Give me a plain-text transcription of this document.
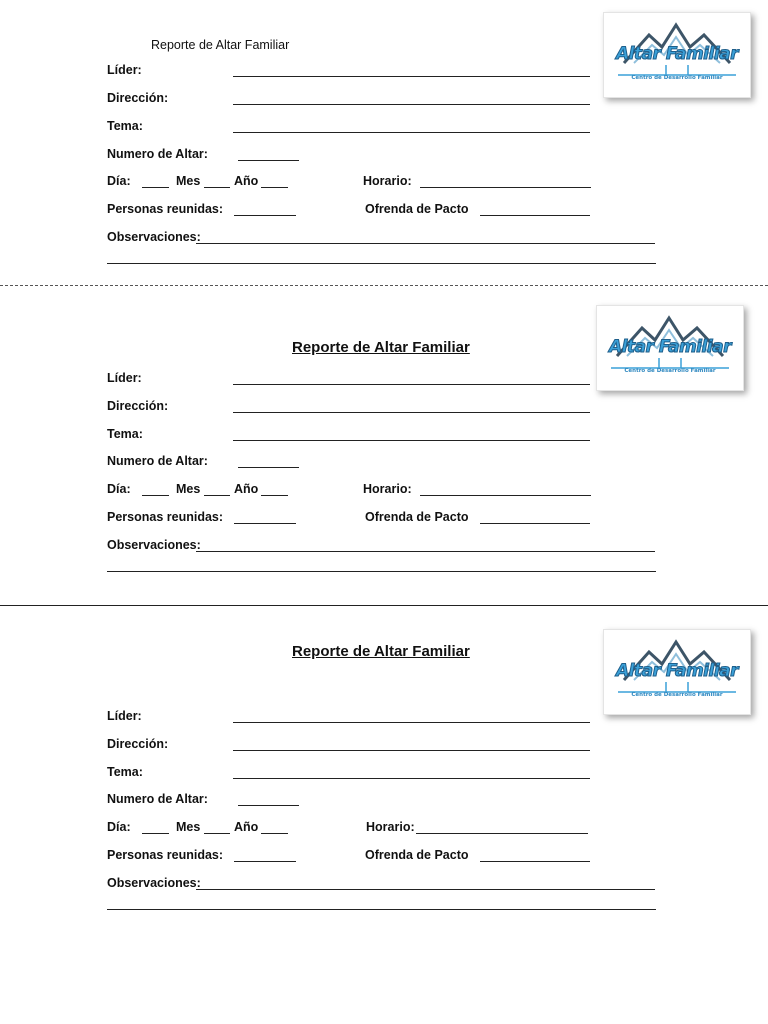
Reporte de Altar Familiar
Líder:
Dirección:
Tema:
Numero de Altar:
Día:	Mes	Año	Horario:
Personas reunidas:	Ofrenda de Pacto
Observaciones:
Altar Familiar
Centro de Desarrollo Familiar
Reporte de Altar Familiar
Líder:
Dirección:
Tema:
Numero de Altar:
Día:	Mes	Año	Horario:
Personas reunidas:	Ofrenda de Pacto
Observaciones:
Altar Familiar
Centro de Desarrollo Familiar
Reporte de Altar Familiar
Líder:
Dirección:
Tema:
Numero de Altar:
Día:	Mes	Año	Horario:
Personas reunidas:	Ofrenda de Pacto
Observaciones:
Altar Familiar
Centro de Desarrollo Familiar
